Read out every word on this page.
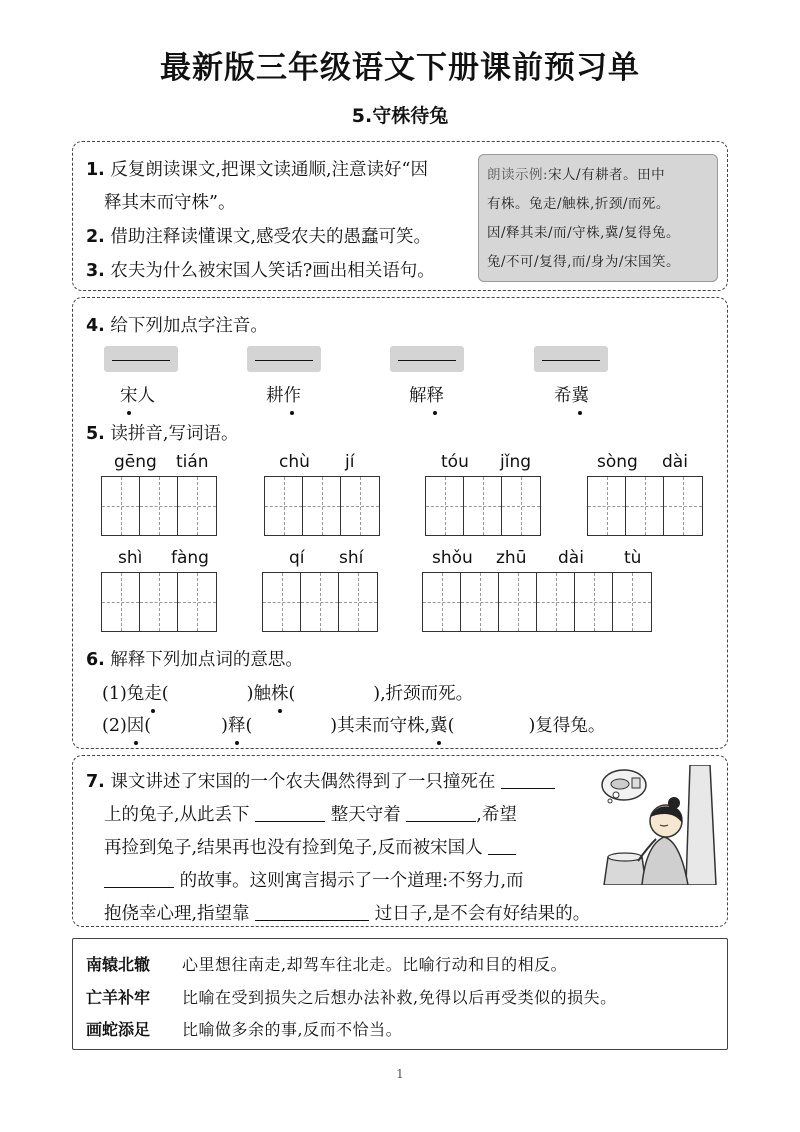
最新版三年级语文下册课前预习单
5.守株待兔
1. 反复朗读课文,把课文读通顺,注意读好“因
释其末而守株”。
2. 借助注释读懂课文,感受农夫的愚蠢可笑。
3. 农夫为什么被宋国人笑话?画出相关语句。
朗读示例:宋人/有耕者。田中
有株。兔走/触株,折颈/而死。
因/释其耒/而/守株,冀/复得兔。
兔/不可/复得,而/身为/宋国笑。
4. 给下列加点字注音。
宋人	耕作	解释	希冀
5. 读拼音,写词语。
gēng tián	chù jí	tóu jǐng	sòng dài
shì fàng	qí shí	shǒu zhū dài tù
6. 解释下列加点词的意思。
(1)兔走(	)触株(	),折颈而死。
(2)因(	)释(	)其耒而守株,冀(	)复得兔。
7. 课文讲述了宋国的一个农夫偶然得到了一只撞死在
上的兔子,从此丢下	整天守着	,希望
再捡到兔子,结果再也没有捡到兔子,反而被宋国人
的故事。这则寓言揭示了一个道理:不努力,而
抱侥幸心理,指望靠	过日子,是不会有好结果的。
南辕北辙 心里想往南走,却驾车往北走。比喻行动和目的相反。
亡羊补牢 比喻在受到损失之后想办法补救,免得以后再受类似的损失。
画蛇添足 比喻做多余的事,反而不恰当。
1
